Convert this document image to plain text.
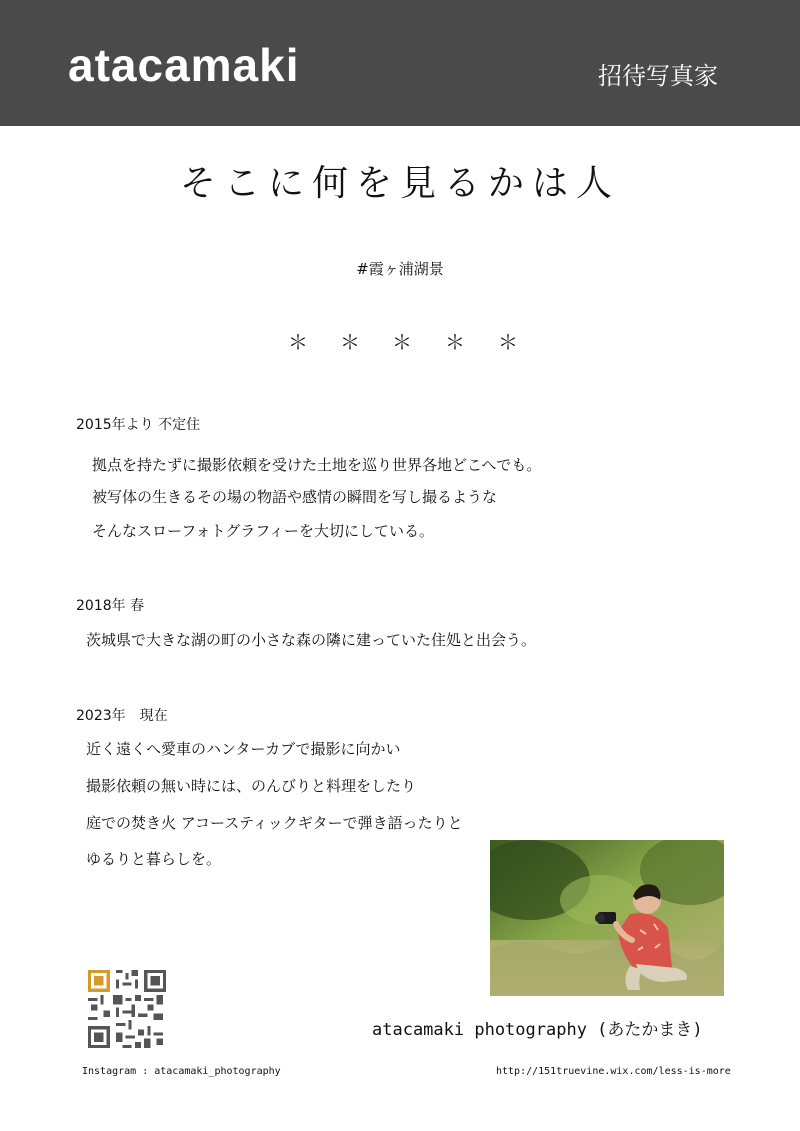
atacamaki	招待写真家
そこに何を見るかは人
#霞ヶ浦湖景
＊ ＊ ＊ ＊ ＊
2015年より 不定住
拠点を持たずに撮影依頼を受けた土地を巡り世界各地どこへでも。
被写体の生きるその場の物語や感情の瞬間を写し撮るような
そんなスローフォトグラフィーを大切にしている。
2018年 春
茨城県で大きな湖の町の小さな森の隣に建っていた住処と出会う。
2023年　現在
近く遠くへ愛車のハンターカブで撮影に向かい
撮影依頼の無い時には、のんびりと料理をしたり
庭での焚き火 アコースティックギターで弾き語ったりと
ゆるりと暮らしを。
atacamaki photography (あたかまき)
Instagram : atacamaki_photography	http://151truevine.wix.com/less-is-more
